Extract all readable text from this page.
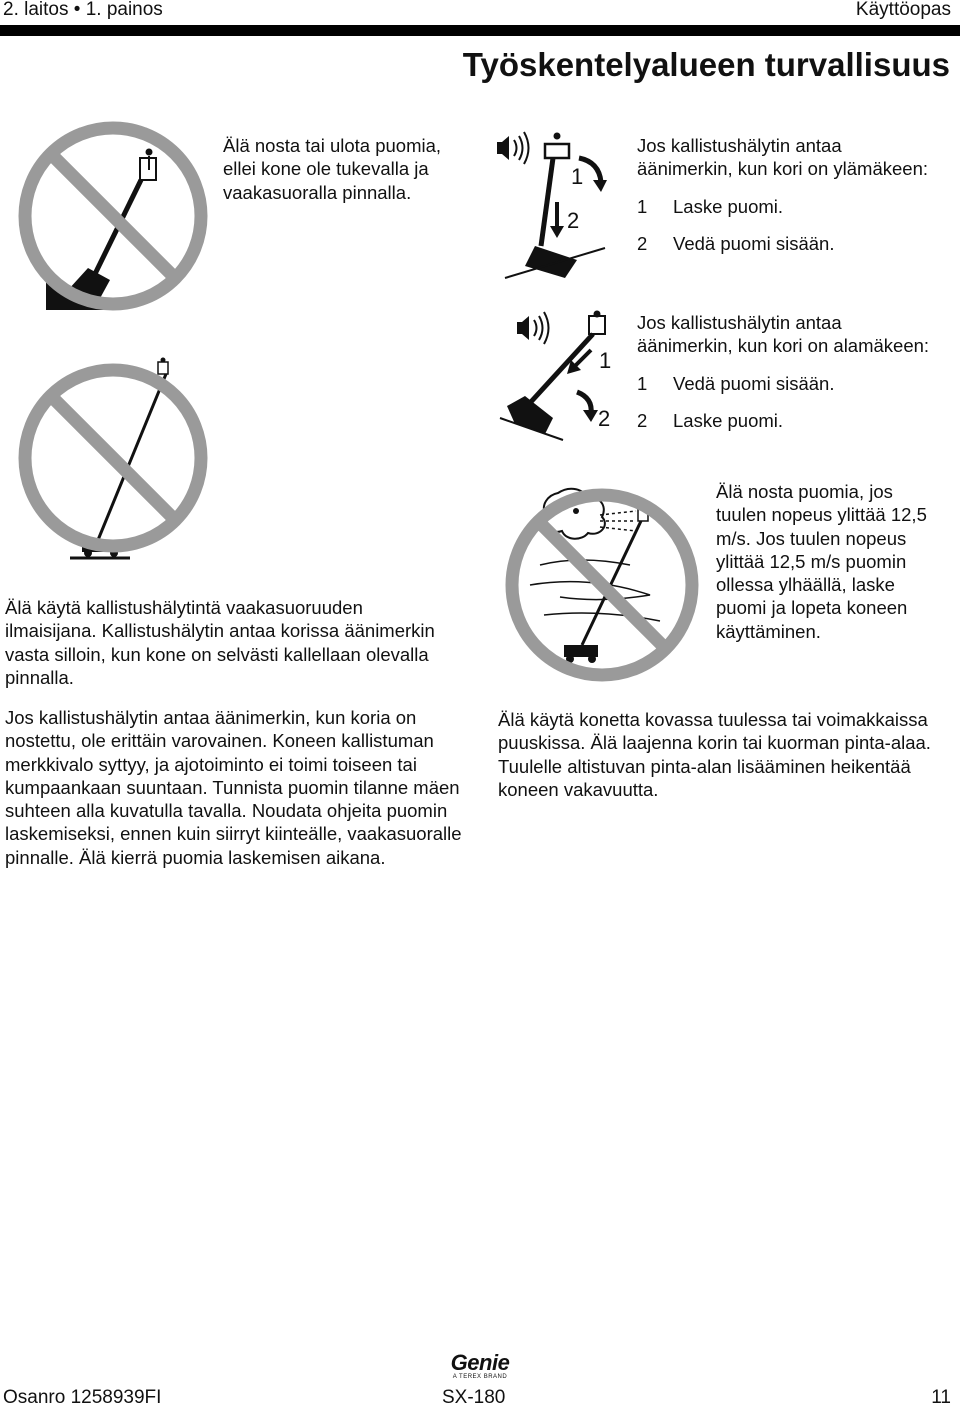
2. laitos • 1. painos	Käyttöopas
Työskentelyalueen turvallisuus
Älä nosta tai ulota puomia, ellei kone ole tukevalla ja vaakasuoralla pinnalla.
1
2
Jos kallistushälytin antaa äänimerkin, kun kori on ylämäkeen:
1	Laske puomi.
2	Vedä puomi sisään.
1
2
Jos kallistushälytin antaa äänimerkin, kun kori on alamäkeen:
1	Vedä puomi sisään.
2	Laske puomi.
Älä nosta puomia, jos tuulen nopeus ylittää 12,5 m/s. Jos tuulen nopeus ylittää 12,5 m/s puomin ollessa ylhäällä, laske puomi ja lopeta koneen käyttäminen.
Älä käytä kallistushälytintä vaakasuoruuden ilmaisijana. Kallistushälytin antaa korissa äänimerkin vasta silloin, kun kone on selvästi kallellaan olevalla pinnalla.
Jos kallistushälytin antaa äänimerkin, kun koria on nostettu, ole erittäin varovainen. Koneen kallistuman merkkivalo syttyy, ja ajotoiminto ei toimi toiseen tai kumpaankaan suuntaan. Tunnista puomin tilanne mäen suhteen alla kuvatulla tavalla. Noudata ohjeita puomin laskemiseksi, ennen kuin siirryt kiinteälle, vaakasuoralle pinnalle. Älä kierrä puomia laskemisen aikana.
Älä käytä konetta kovassa tuulessa tai voimakkaissa puuskissa. Älä laajenna korin tai kuorman pinta-alaa. Tuulelle altistuvan pinta-alan lisääminen heikentää koneen vakavuutta.
Genie
A TEREX BRAND
Osanro 1258939FI	SX-180	11
